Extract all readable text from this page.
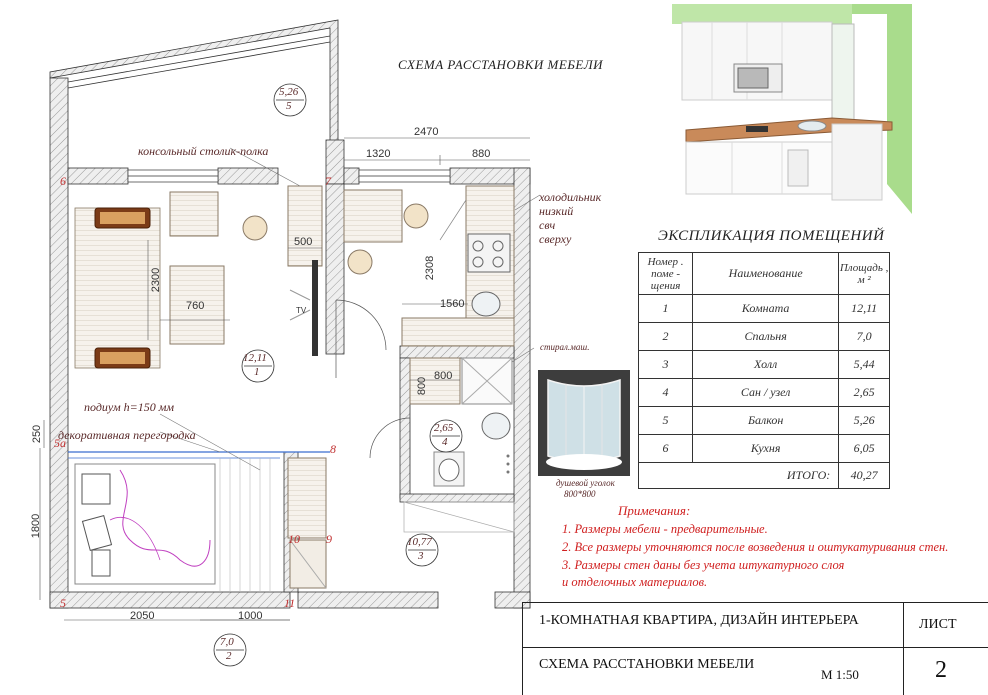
СХЕМА РАССТАНОВКИ МЕБЕЛИ
5,26
5
12,11
1
2,65
4
10,77
3
7,0
2
консольный столик-полка
холодильник
низкий
свч
сверху
подиум h=150 мм
декоративная перегородка
стирал.маш.
TV
2470
1320	880
2300
760
500
2308
1560
800
800
250
1800
2050	1000
6	7
5а	8
10 9
5	11
душевой уголок
800*800
ЭКСПЛИКАЦИЯ ПОМЕЩЕНИЙ
Номер . поме - щения	Наименование	Площадь , м ²
1	Комната	12,11
2	Спальня	7,0
3	Холл	5,44
4	Сан / узел	2,65
5	Балкон	5,26
6	Кухня	6,05
ИТОГО:		40,27
Примечания:
1. Размеры мебели - предварительные.
2. Все размеры уточняются после возведения и оштукатуривания стен.
3. Размеры стен даны без учета штукатурного слоя
и отделочных материалов.
1-КОМНАТНАЯ КВАРТИРА, ДИЗАЙН ИНТЕРЬЕРА	ЛИСТ
СХЕМА РАССТАНОВКИ МЕБЕЛИ
М 1:50	2
